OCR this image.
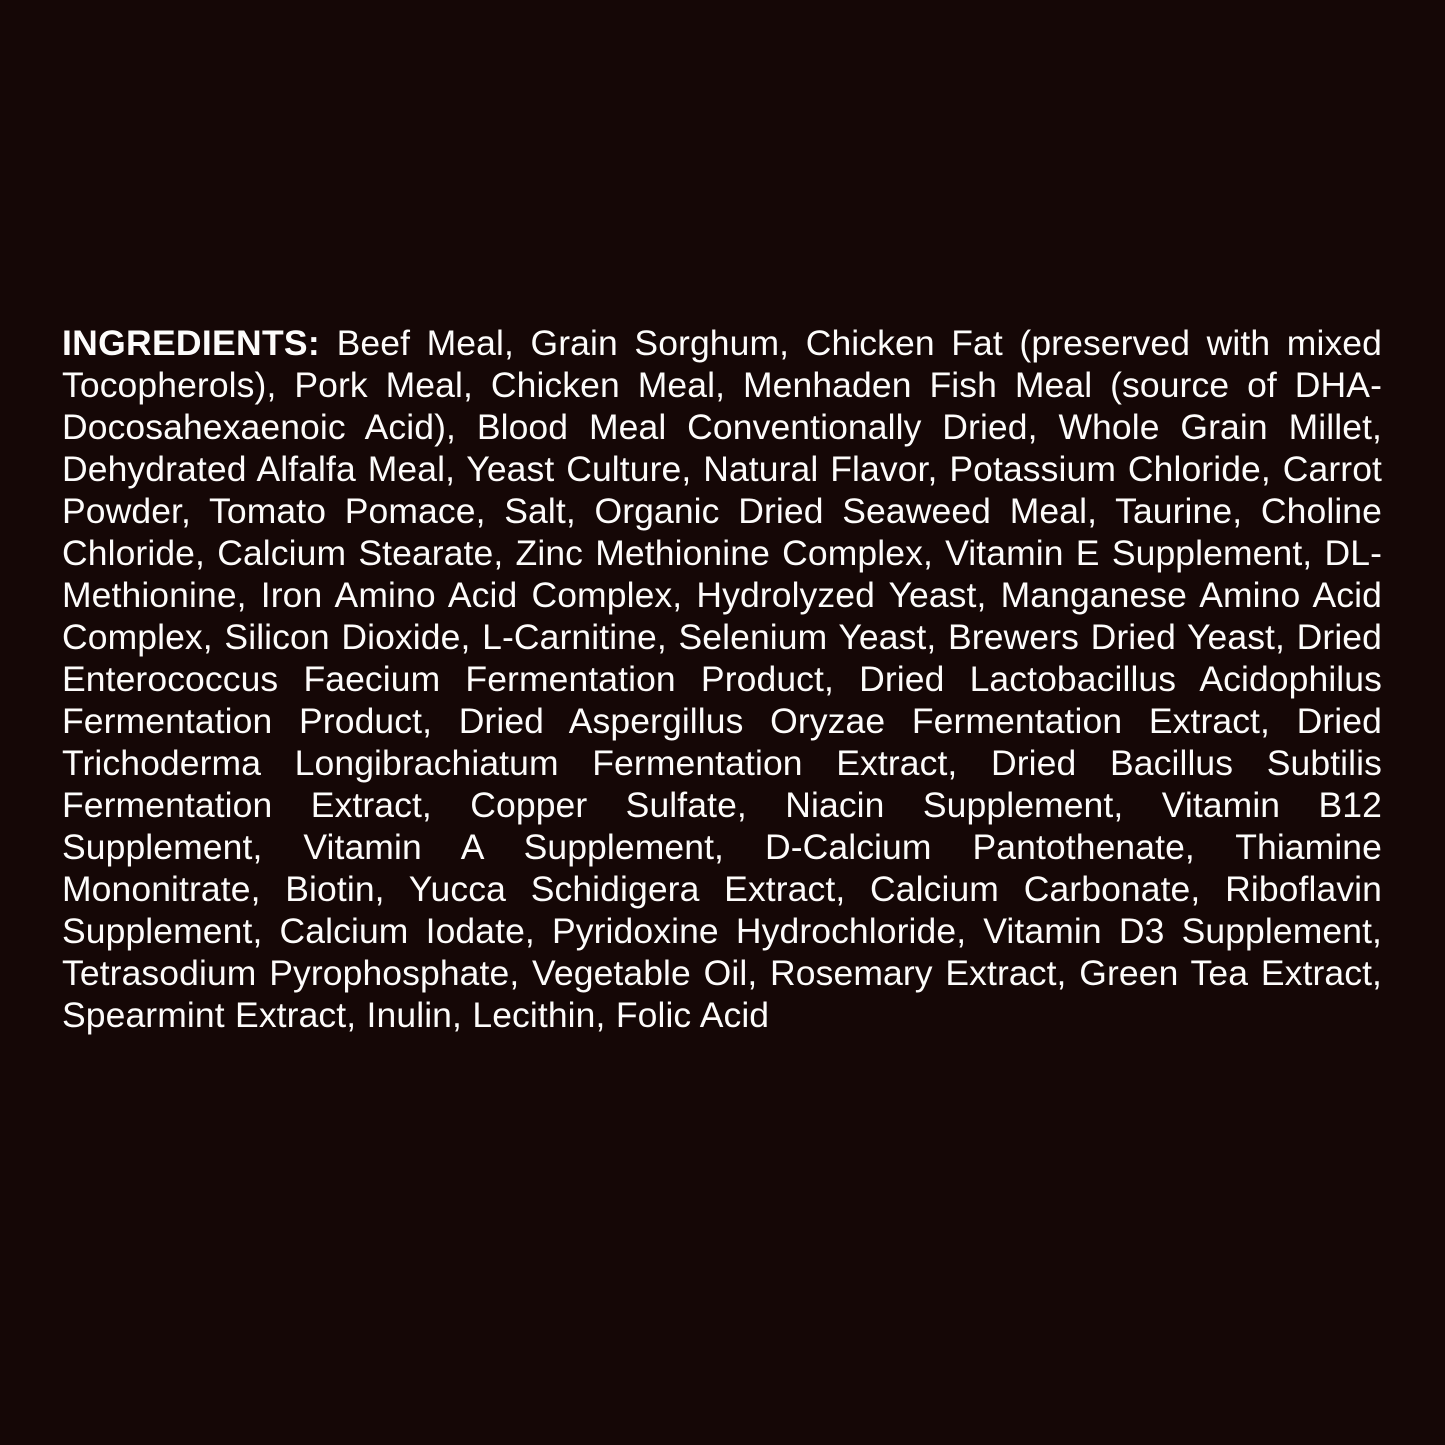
INGREDIENTS: Beef Meal, Grain Sorghum, Chicken Fat (preserved with mixed Tocopherols), Pork Meal, Chicken Meal, Menhaden Fish Meal (source of DHA-Docosahexaenoic Acid), Blood Meal Conventionally Dried, Whole Grain Millet, Dehydrated Alfalfa Meal, Yeast Culture, Natural Flavor, Potassium Chloride, Carrot Powder, Tomato Pomace, Salt, Organic Dried Seaweed Meal, Taurine, Choline Chloride, Calcium Stearate, Zinc Methionine Complex, Vitamin E Supplement, DL-Methionine, Iron Amino Acid Complex, Hydrolyzed Yeast, Manganese Amino Acid Complex, Silicon Dioxide, L-Carnitine, Selenium Yeast, Brewers Dried Yeast, Dried Enterococcus Faecium Fermentation Product, Dried Lactobacillus Acidophilus Fermentation Product, Dried Aspergillus Oryzae Fermentation Extract, Dried Trichoderma Longibrachiatum Fermentation Extract, Dried Bacillus Subtilis Fermentation Extract, Copper Sulfate, Niacin Supplement, Vitamin B12 Supplement, Vitamin A Supplement, D-Calcium Pantothenate, Thiamine Mononitrate, Biotin, Yucca Schidigera Extract, Calcium Carbonate, Riboflavin Supplement, Calcium Iodate, Pyridoxine Hydrochloride, Vitamin D3 Supplement, Tetrasodium Pyrophosphate, Vegetable Oil, Rosemary Extract, Green Tea Extract, Spearmint Extract, Inulin, Lecithin, Folic Acid
